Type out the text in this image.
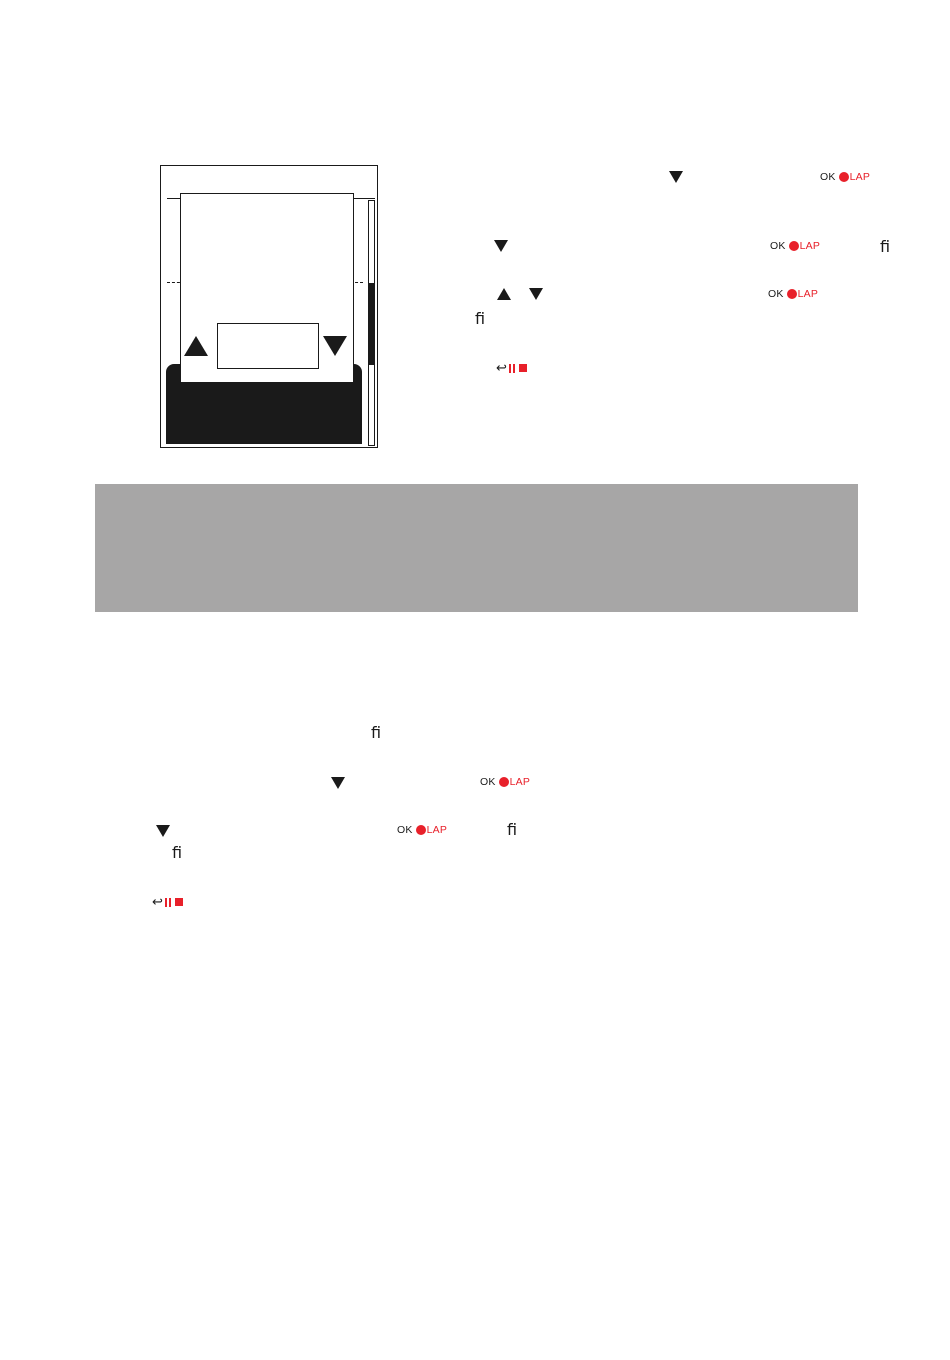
OK LAP
OK LAP	ﬁ
OK LAP
ﬁ
↩
ﬁ
OK LAP
OK LAP	ﬁ
ﬁ
↩
